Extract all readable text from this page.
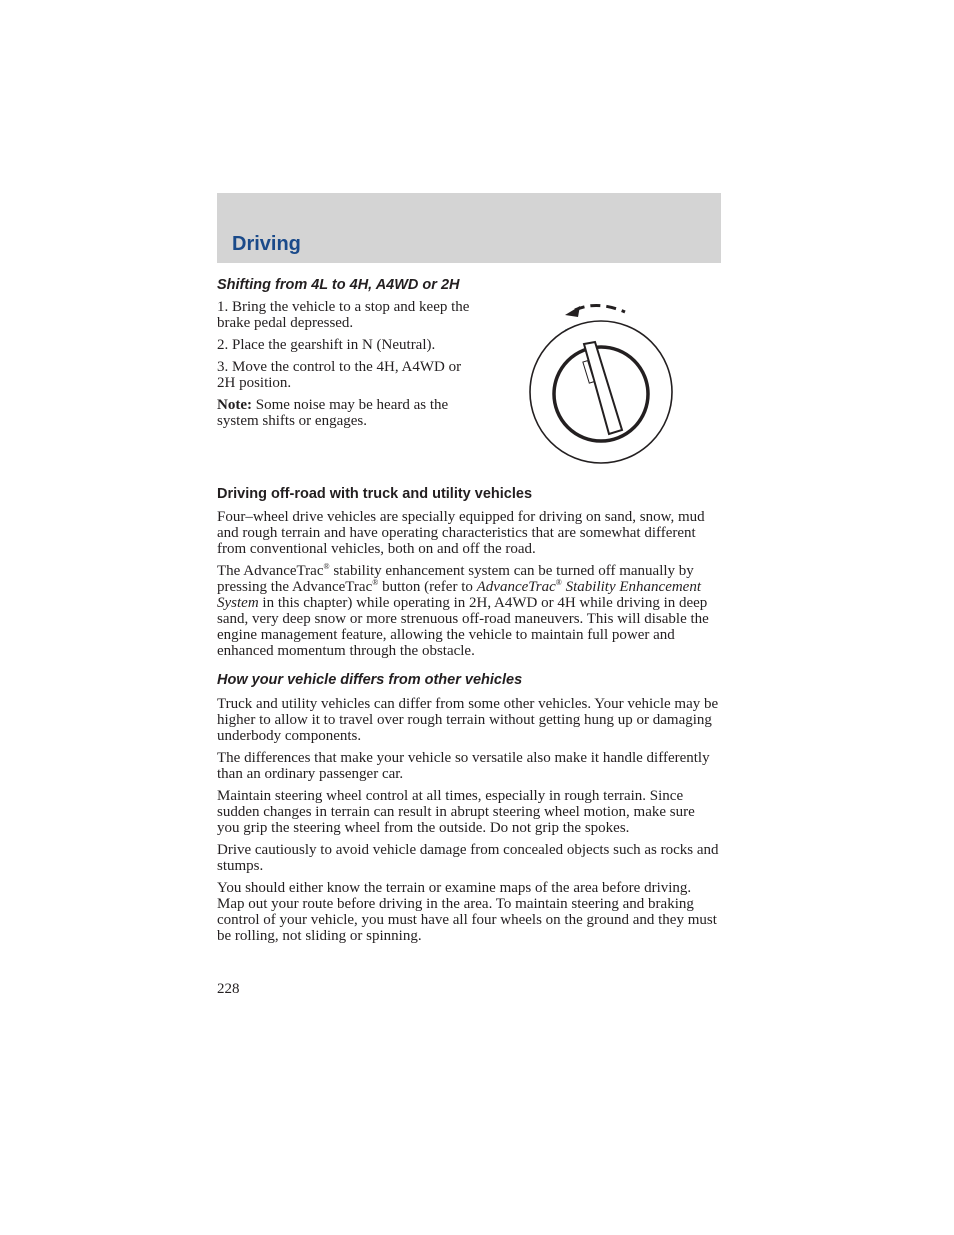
Driving
Shifting from 4L to 4H, A4WD or 2H

1. Bring the vehicle to a stop and keep the brake pedal depressed.

2. Place the gearshift in N (Neutral).

3. Move the control to the 4H, A4WD or 2H position.

Note: Some noise may be heard as the system shifts or engages.

Driving off-road with truck and utility vehicles

Four–wheel drive vehicles are specially equipped for driving on sand, snow, mud and rough terrain and have operating characteristics that are somewhat different from conventional vehicles, both on and off the road.

The AdvanceTrac® stability enhancement system can be turned off manually by pressing the AdvanceTrac® button (refer to AdvanceTrac® Stability Enhancement System in this chapter) while operating in 2H, A4WD or 4H while driving in deep sand, very deep snow or more strenuous off-road maneuvers. This will disable the engine management feature, allowing the vehicle to maintain full power and enhanced momentum through the obstacle.

How your vehicle differs from other vehicles

Truck and utility vehicles can differ from some other vehicles. Your vehicle may be higher to allow it to travel over rough terrain without getting hung up or damaging underbody components.

The differences that make your vehicle so versatile also make it handle differently than an ordinary passenger car.

Maintain steering wheel control at all times, especially in rough terrain. Since sudden changes in terrain can result in abrupt steering wheel motion, make sure you grip the steering wheel from the outside. Do not grip the spokes.

Drive cautiously to avoid vehicle damage from concealed objects such as rocks and stumps.

You should either know the terrain or examine maps of the area before driving. Map out your route before driving in the area. To maintain steering and braking control of your vehicle, you must have all four wheels on the ground and they must be rolling, not sliding or spinning.

228
